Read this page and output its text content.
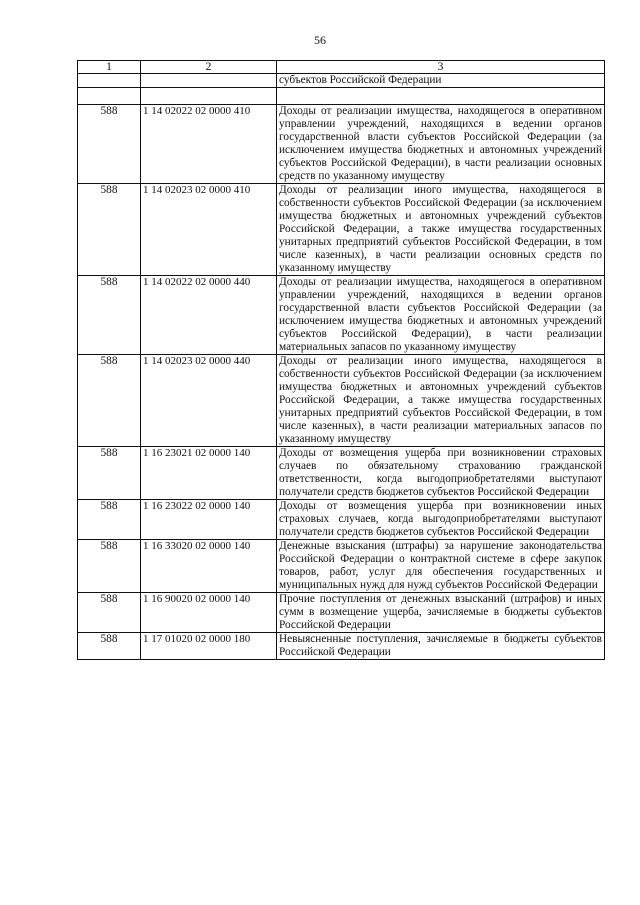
56
1	2	3
		субъектов Российской Федерации

588	1 14 02022 02 0000 410	Доходы от реализации имущества, находящегося в оперативном управлении учреждений, находящихся в ведении органов государственной власти субъектов Российской Федерации (за исключением имущества бюджетных и автономных учреждений субъектов Российской Федерации), в части реализации основных средств по указанному имуществу
588	1 14 02023 02 0000 410	Доходы от реализации иного имущества, находящегося в собственности субъектов Российской Федерации (за исключением имущества бюджетных и автономных учреждений субъектов Российской Федерации, а также имущества государственных унитарных предприятий субъектов Российской Федерации, в том числе казенных), в части реализации основных средств по указанному имуществу
588	1 14 02022 02 0000 440	Доходы от реализации имущества, находящегося в оперативном управлении учреждений, находящихся в ведении органов государственной власти субъектов Российской Федерации (за исключением имущества бюджетных и автономных учреждений субъектов Российской Федерации), в части реализации материальных запасов по указанному имуществу
588	1 14 02023 02 0000 440	Доходы от реализации иного имущества, находящегося в собственности субъектов Российской Федерации (за исключением имущества бюджетных и автономных учреждений субъектов Российской Федерации, а также имущества государственных унитарных предприятий субъектов Российской Федерации, в том числе казенных), в части реализации материальных запасов по указанному имуществу
588	1 16 23021 02 0000 140	Доходы от возмещения ущерба при возникновении страховых случаев по обязательному страхованию гражданской ответственности, когда выгодоприобретателями выступают получатели средств бюджетов субъектов Российской Федерации
588	1 16 23022 02 0000 140	Доходы от возмещения ущерба при возникновении иных страховых случаев, когда выгодоприобретателями выступают получатели средств бюджетов субъектов Российской Федерации
588	1 16 33020 02 0000 140	Денежные взыскания (штрафы) за нарушение законодательства Российской Федерации о контрактной системе в сфере закупок товаров, работ, услуг для обеспечения государственных и муниципальных нужд для нужд субъектов Российской Федерации
588	1 16 90020 02 0000 140	Прочие поступления от денежных взысканий (штрафов) и иных сумм в возмещение ущерба, зачисляемые в бюджеты субъектов Российской Федерации
588	1 17 01020 02 0000 180	Невыясненные поступления, зачисляемые в бюджеты субъектов Российской Федерации
